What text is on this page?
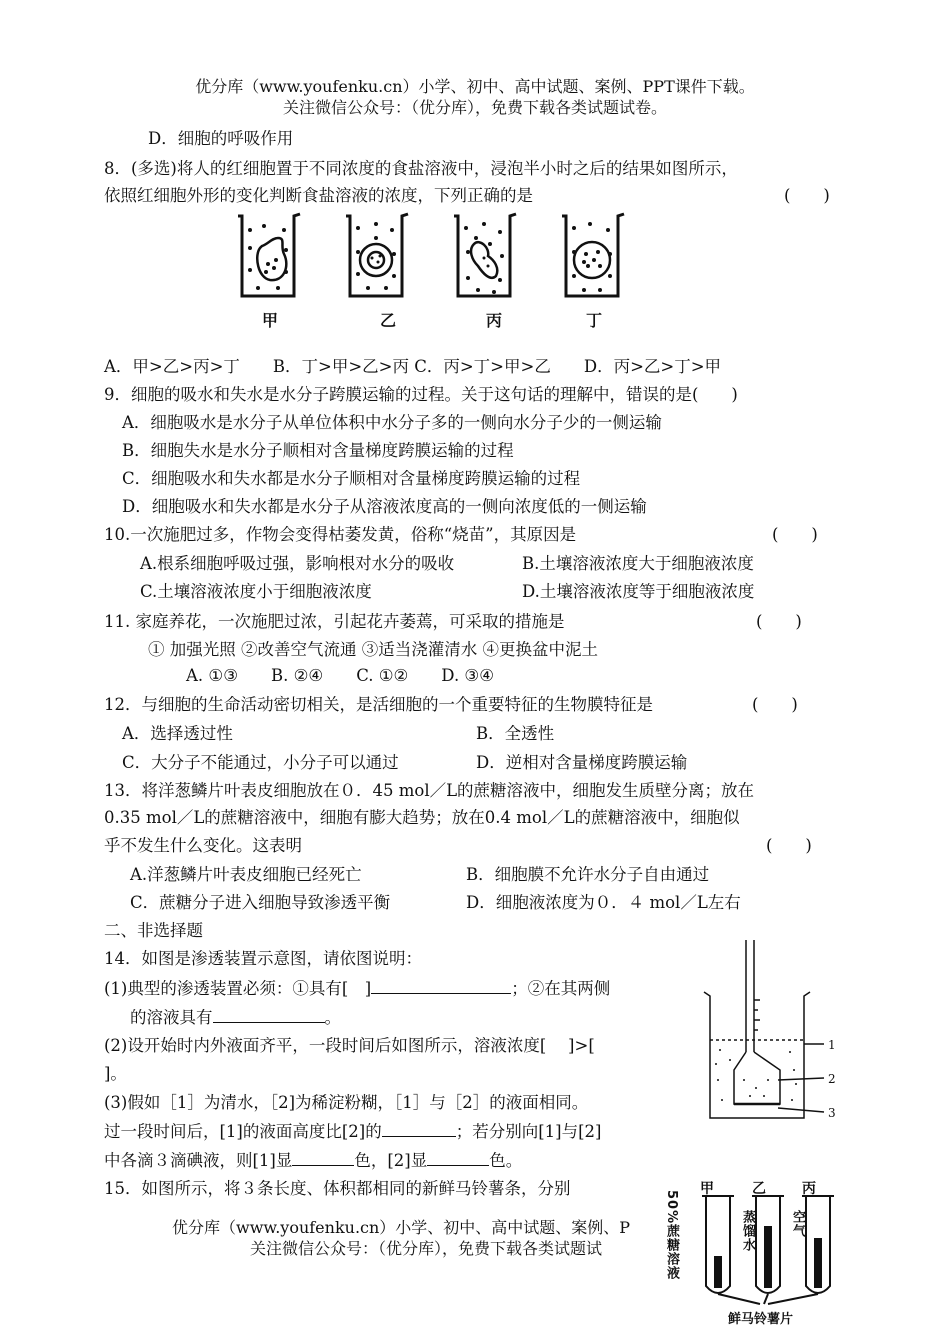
优分库（www.youfenku.cn）小学、初中、高中试题、案例、PPT课件下载。
关注微信公众号：（优分库），免费下载各类试题试卷。
D．细胞的呼吸作用
8．(多选)将人的红细胞置于不同浓度的食盐溶液中，浸泡半小时之后的结果如图所示，
依照红细胞外形的变化判断食盐溶液的浓度，下列正确的是	(　　)
甲	乙	丙	丁
A．甲>乙>丙>丁　　B．丁>甲>乙>丙 C．丙>丁>甲>乙　　D．丙>乙>丁>甲
9．细胞的吸水和失水是水分子跨膜运输的过程。关于这句话的理解中，错误的是(　　)
A．细胞吸水是水分子从单位体积中水分子多的一侧向水分子少的一侧运输
B．细胞失水是水分子顺相对含量梯度跨膜运输的过程
C．细胞吸水和失水都是水分子顺相对含量梯度跨膜运输的过程
D．细胞吸水和失水都是水分子从溶液浓度高的一侧向浓度低的一侧运输
10.一次施肥过多，作物会变得枯萎发黄，俗称“烧苗”，其原因是	(　　)
A.根系细胞呼吸过强，影响根对水分的吸收	B.土壤溶液浓度大于细胞液浓度
C.土壤溶液浓度小于细胞液浓度	D.土壤溶液浓度等于细胞液浓度
11. 家庭养花，一次施肥过浓，引起花卉萎蔫，可采取的措施是	(　　)
① 加强光照 ②改善空气流通 ③适当浇灌清水 ④更换盆中泥土
A. ①③　　B. ②④　　C. ①②　　D. ③④
12．与细胞的生命活动密切相关，是活细胞的一个重要特征的生物膜特征是	(　　)
A．选择透过性	B．全透性
C．大分子不能通过，小分子可以通过	D．逆相对含量梯度跨膜运输
13．将洋葱鳞片叶表皮细胞放在０．45 mol／L的蔗糖溶液中，细胞发生质壁分离；放在
0.35 mol／L的蔗糖溶液中，细胞有膨大趋势；放在0.4 mol／L的蔗糖溶液中，细胞似
乎不发生什么变化。这表明	(　　)
A.洋葱鳞片叶表皮细胞已经死亡	B．细胞膜不允许水分子自由通过
C．蔗糖分子进入细胞导致渗透平衡	D．细胞液浓度为０．４ mol／L左右
二、非选择题
14．如图是渗透装置示意图，请依图说明：
(1)典型的渗透装置必须：①具有[　]	；②在其两侧
的溶液具有	。
(2)设开始时内外液面齐平，一段时间后如图所示，溶液浓度[　 ]>[
]。
(3)假如［1］为清水，［2]为稀淀粉糊，［1］与［2］的液面相同。
过一段时间后，[1]的液面高度比[2]的	；若分别向[1]与[2]
中各滴３滴碘液，则[1]显	色，[2]显	色。
1
2
3
15．如图所示，将３条长度、体积都相同的新鲜马铃薯条，分别	甲	乙	丙
50%蔗糖溶液	蒸馏水	空气
鲜马铃薯片
优分库（www.youfenku.cn）小学、初中、高中试题、案例、P
关注微信公众号：（优分库），免费下载各类试题试
